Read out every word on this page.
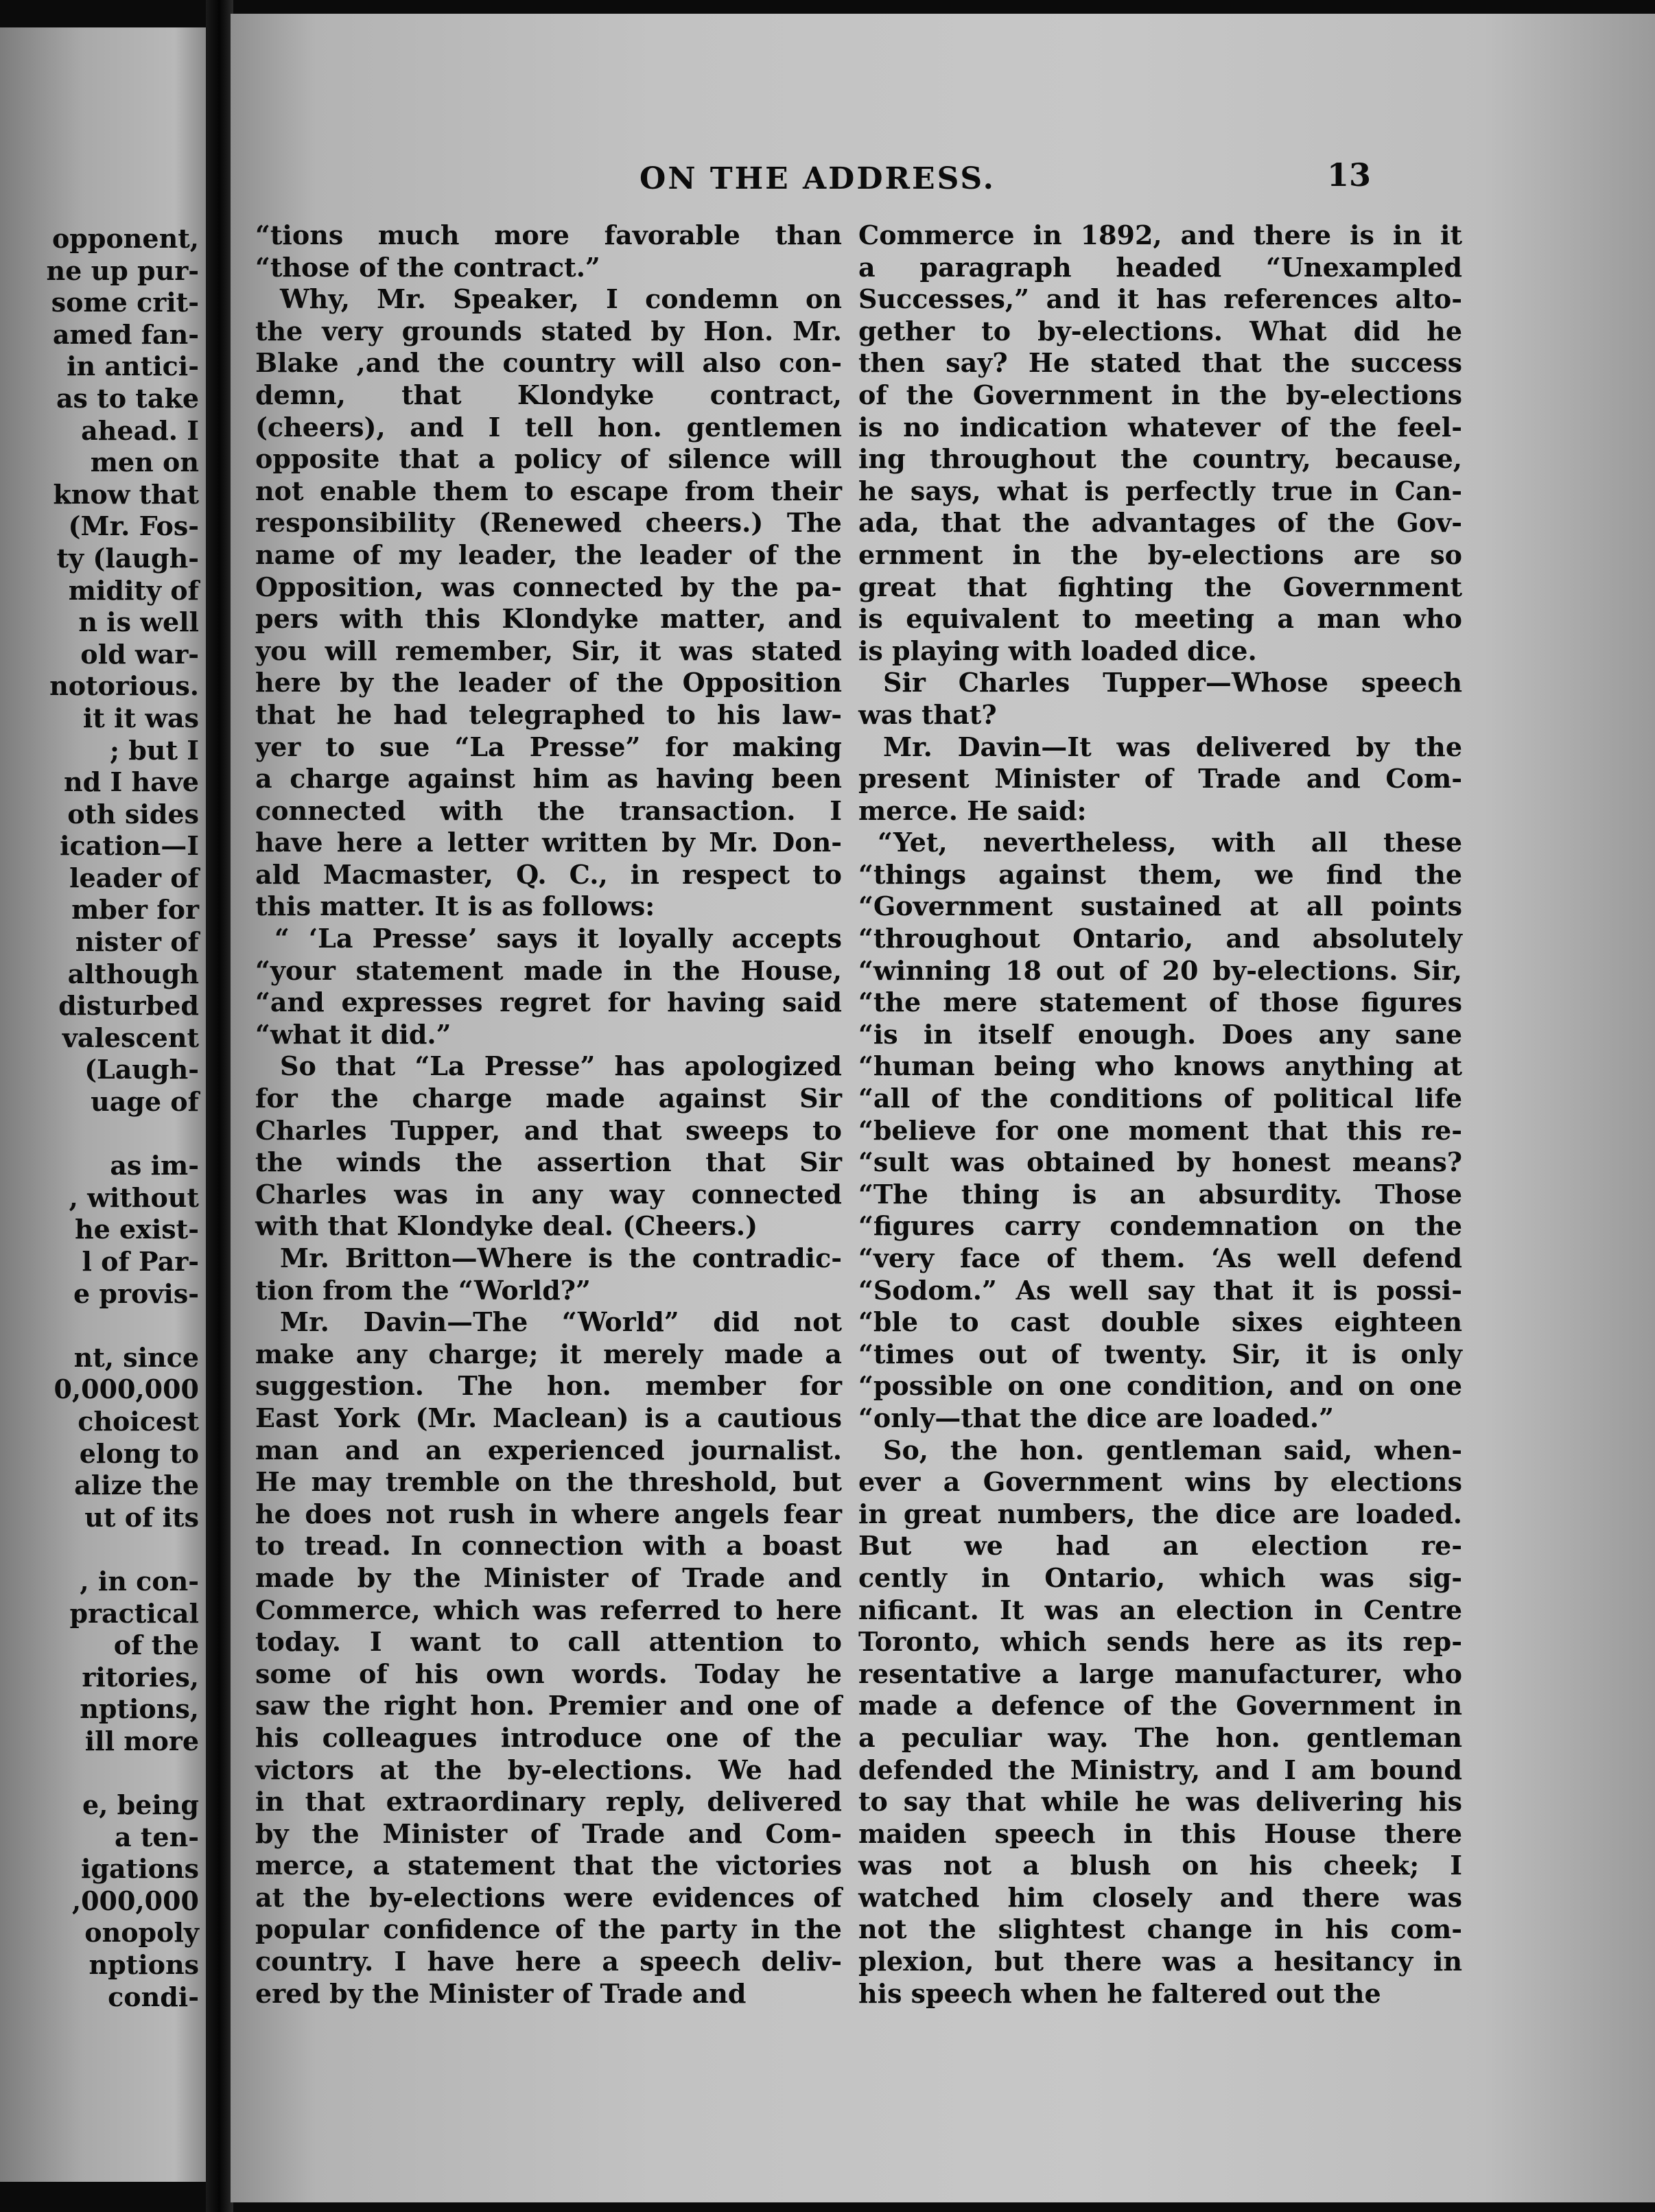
opponent,
ne up pur-
some crit-
amed fan-
in antici-
as to take
ahead. I
men on
know that
(Mr. Fos-
ty (laugh-
midity of
n is well
old war-
notorious.
it it was
; but I
nd I have
oth sides
ication—I
leader of
mber for
nister of
although
disturbed
valescent
(Laugh-
uage of
as im-
, without
he exist-
l of Par-
e provis-
nt, since
0,000,000
choicest
elong to
alize the
ut of its
, in con-
practical
of the
ritories,
nptions,
ill more
e, being
a ten-
igations
,000,000
onopoly
nptions
condi-
ON THE ADDRESS.	13
“tions much more favorable than
“those of the contract.”
Why, Mr. Speaker, I condemn on
the very grounds stated by Hon. Mr.
Blake ,and the country will also con-
demn, that Klondyke contract,
(cheers), and I tell hon. gentlemen
opposite that a policy of silence will
not enable them to escape from their
responsibility (Renewed cheers.) The
name of my leader, the leader of the
Opposition, was connected by the pa-
pers with this Klondyke matter, and
you will remember, Sir, it was stated
here by the leader of the Opposition
that he had telegraphed to his law-
yer to sue “La Presse” for making
a charge against him as having been
connected with the transaction. I
have here a letter written by Mr. Don-
ald Macmaster, Q. C., in respect to
this matter. It is as follows:
“ ‘La Presse’ says it loyally accepts
“your statement made in the House,
“and expresses regret for having said
“what it did.”
So that “La Presse” has apologized
for the charge made against Sir
Charles Tupper, and that sweeps to
the winds the assertion that Sir
Charles was in any way connected
with that Klondyke deal. (Cheers.)
Mr. Britton—Where is the contradic-
tion from the “World?”
Mr. Davin—The “World” did not
make any charge; it merely made a
suggestion. The hon. member for
East York (Mr. Maclean) is a cautious
man and an experienced journalist.
He may tremble on the threshold, but
he does not rush in where angels fear
to tread. In connection with a boast
made by the Minister of Trade and
Commerce, which was referred to here
today. I want to call attention to
some of his own words. Today he
saw the right hon. Premier and one of
his colleagues introduce one of the
victors at the by-elections. We had
in that extraordinary reply, delivered
by the Minister of Trade and Com-
merce, a statement that the victories
at the by-elections were evidences of
popular confidence of the party in the
country. I have here a speech deliv-
ered by the Minister of Trade and
Commerce in 1892, and there is in it
a paragraph headed “Unexampled
Successes,” and it has references alto-
gether to by-elections. What did he
then say? He stated that the success
of the Government in the by-elections
is no indication whatever of the feel-
ing throughout the country, because,
he says, what is perfectly true in Can-
ada, that the advantages of the Gov-
ernment in the by-elections are so
great that fighting the Government
is equivalent to meeting a man who
is playing with loaded dice.
Sir Charles Tupper—Whose speech
was that?
Mr. Davin—It was delivered by the
present Minister of Trade and Com-
merce. He said:
“Yet, nevertheless, with all these
“things against them, we find the
“Government sustained at all points
“throughout Ontario, and absolutely
“winning 18 out of 20 by-elections. Sir,
“the mere statement of those figures
“is in itself enough. Does any sane
“human being who knows anything at
“all of the conditions of political life
“believe for one moment that this re-
“sult was obtained by honest means?
“The thing is an absurdity. Those
“figures carry condemnation on the
“very face of them. ‘As well defend
“Sodom.” As well say that it is possi-
“ble to cast double sixes eighteen
“times out of twenty. Sir, it is only
“possible on one condition, and on one
“only—that the dice are loaded.”
So, the hon. gentleman said, when-
ever a Government wins by elections
in great numbers, the dice are loaded.
But we had an election re-
cently in Ontario, which was sig-
nificant. It was an election in Centre
Toronto, which sends here as its rep-
resentative a large manufacturer, who
made a defence of the Government in
a peculiar way. The hon. gentleman
defended the Ministry, and I am bound
to say that while he was delivering his
maiden speech in this House there
was not a blush on his cheek; I
watched him closely and there was
not the slightest change in his com-
plexion, but there was a hesitancy in
his speech when he faltered out the
